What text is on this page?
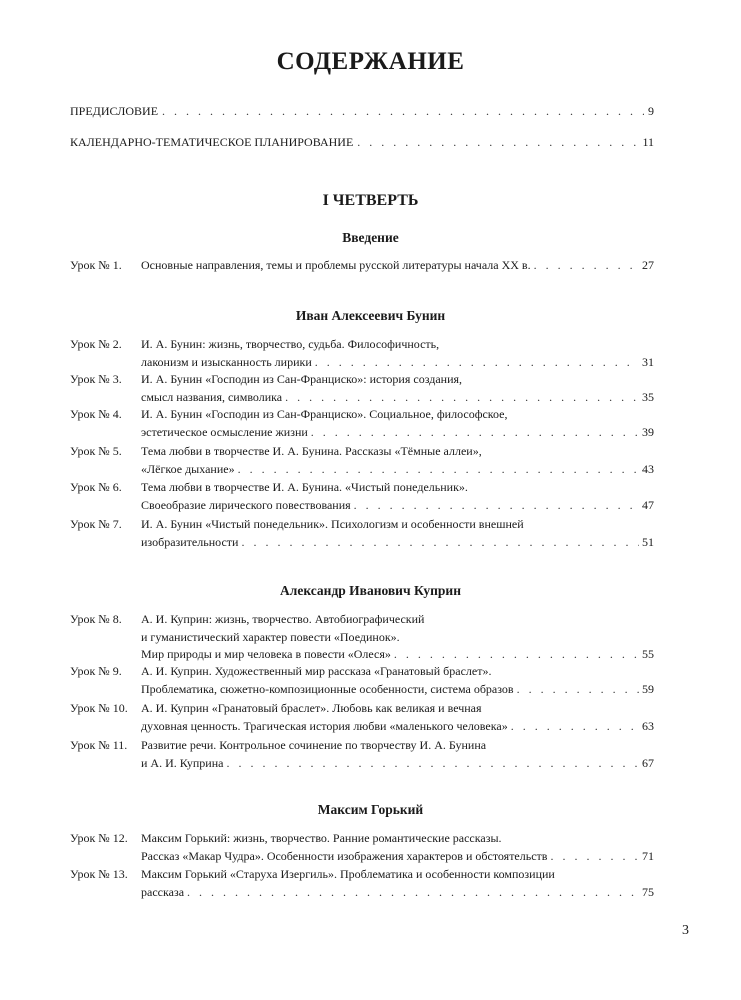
СОДЕРЖАНИЕ
ПРЕДИСЛОВИЕ . . .	9
КАЛЕНДАРНО-ТЕМАТИЧЕСКОЕ ПЛАНИРОВАНИЕ . . .	11
I ЧЕТВЕРТЬ
Введение
Урок № 1. Основные направления, темы и проблемы русской литературы начала XX в. . . .	27
Иван Алексеевич Бунин
Урок № 2. И. А. Бунин: жизнь, творчество, судьба. Философичность,
лаконизм и изысканность лирики . . .	31
Урок № 3. И. А. Бунин «Господин из Сан-Франциско»: история создания,
смысл названия, символика . . .	35
Урок № 4. И. А. Бунин «Господин из Сан-Франциско». Социальное, философское,
эстетическое осмысление жизни . . .	39
Урок № 5. Тема любви в творчестве И. А. Бунина. Рассказы «Тёмные аллеи»,
«Лёгкое дыхание» . . .	43
Урок № 6. Тема любви в творчестве И. А. Бунина. «Чистый понедельник».
Своеобразие лирического повествования . . .	47
Урок № 7. И. А. Бунин «Чистый понедельник». Психологизм и особенности внешней
изобразительности . . .	51
Александр Иванович Куприн
Урок № 8. А. И. Куприн: жизнь, творчество. Автобиографический
и гуманистический характер повести «Поединок».
Мир природы и мир человека в повести «Олеся» . . .	55
Урок № 9. А. И. Куприн. Художественный мир рассказа «Гранатовый браслет».
Проблематика, сюжетно-композиционные особенности, система образов . . .	59
Урок № 10. А. И. Куприн «Гранатовый браслет». Любовь как великая и вечная
духовная ценность. Трагическая история любви «маленького человека» . . .	63
Урок № 11. Развитие речи. Контрольное сочинение по творчеству И. А. Бунина
и А. И. Куприна . . .	67
Максим Горький
Урок № 12. Максим Горький: жизнь, творчество. Ранние романтические рассказы.
Рассказ «Макар Чудра». Особенности изображения характеров и обстоятельств . . .	71
Урок № 13. Максим Горький «Старуха Изергиль». Проблематика и особенности композиции
рассказа . . .	75
3
